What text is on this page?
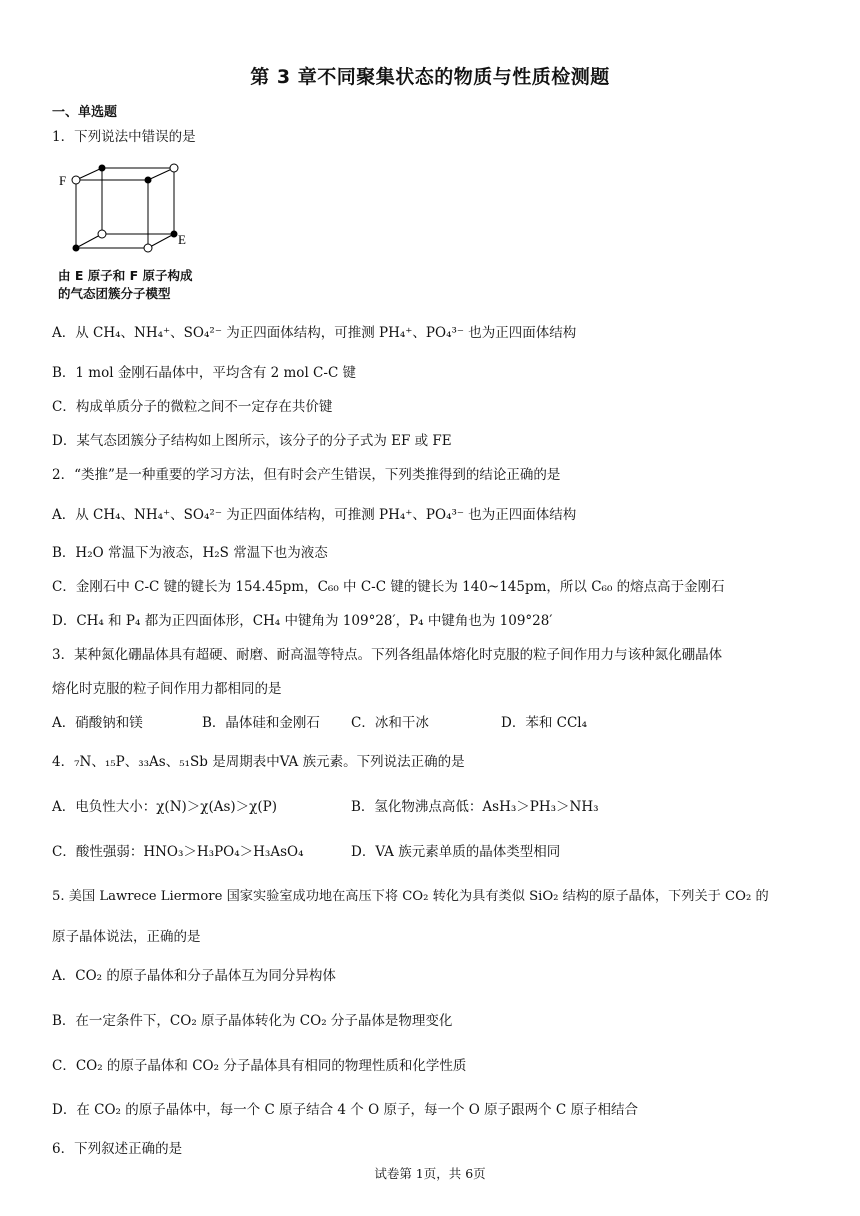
第 3 章不同聚集状态的物质与性质检测题
一、单选题
1．下列说法中错误的是
F
E
由 E 原子和 F 原子构成
的气态团簇分子模型
A．从 CH₄、NH₄⁺、SO₄²⁻ 为正四面体结构，可推测 PH₄⁺、PO₄³⁻ 也为正四面体结构
B．1 mol 金刚石晶体中，平均含有 2 mol C-C 键
C．构成单质分子的微粒之间不一定存在共价键
D．某气态团簇分子结构如上图所示，该分子的分子式为 EF 或 FE
2．“类推”是一种重要的学习方法，但有时会产生错误，下列类推得到的结论正确的是
A．从 CH₄、NH₄⁺、SO₄²⁻ 为正四面体结构，可推测 PH₄⁺、PO₄³⁻ 也为正四面体结构
B．H₂O 常温下为液态，H₂S 常温下也为液态
C．金刚石中 C-C 键的键长为 154.45pm，C₆₀ 中 C-C 键的键长为 140~145pm，所以 C₆₀ 的熔点高于金刚石
D．CH₄ 和 P₄ 都为正四面体形，CH₄ 中键角为 109°28′，P₄ 中键角也为 109°28′
3．某种氮化硼晶体具有超硬、耐磨、耐高温等特点。下列各组晶体熔化时克服的粒子间作用力与该种氮化硼晶体
熔化时克服的粒子间作用力都相同的是
A．硝酸钠和镁	B．晶体硅和金刚石 C．冰和干冰	D．苯和 CCl₄
4．₇N、₁₅P、₃₃As、₅₁Sb 是周期表中VA 族元素。下列说法正确的是
A．电负性大小：χ(N)＞χ(As)＞χ(P)	B．氢化物沸点高低：AsH₃＞PH₃＞NH₃
C．酸性强弱：HNO₃＞H₃PO₄＞H₃AsO₄	D．VA 族元素单质的晶体类型相同
5. 美国 Lawrece Liermore 国家实验室成功地在高压下将 CO₂ 转化为具有类似 SiO₂ 结构的原子晶体，下列关于 CO₂ 的
原子晶体说法，正确的是
A．CO₂ 的原子晶体和分子晶体互为同分异构体
B．在一定条件下，CO₂ 原子晶体转化为 CO₂ 分子晶体是物理变化
C．CO₂ 的原子晶体和 CO₂ 分子晶体具有相同的物理性质和化学性质
D．在 CO₂ 的原子晶体中，每一个 C 原子结合 4 个 O 原子，每一个 O 原子跟两个 C 原子相结合
6．下列叙述正确的是
试卷第 1页，共 6页
